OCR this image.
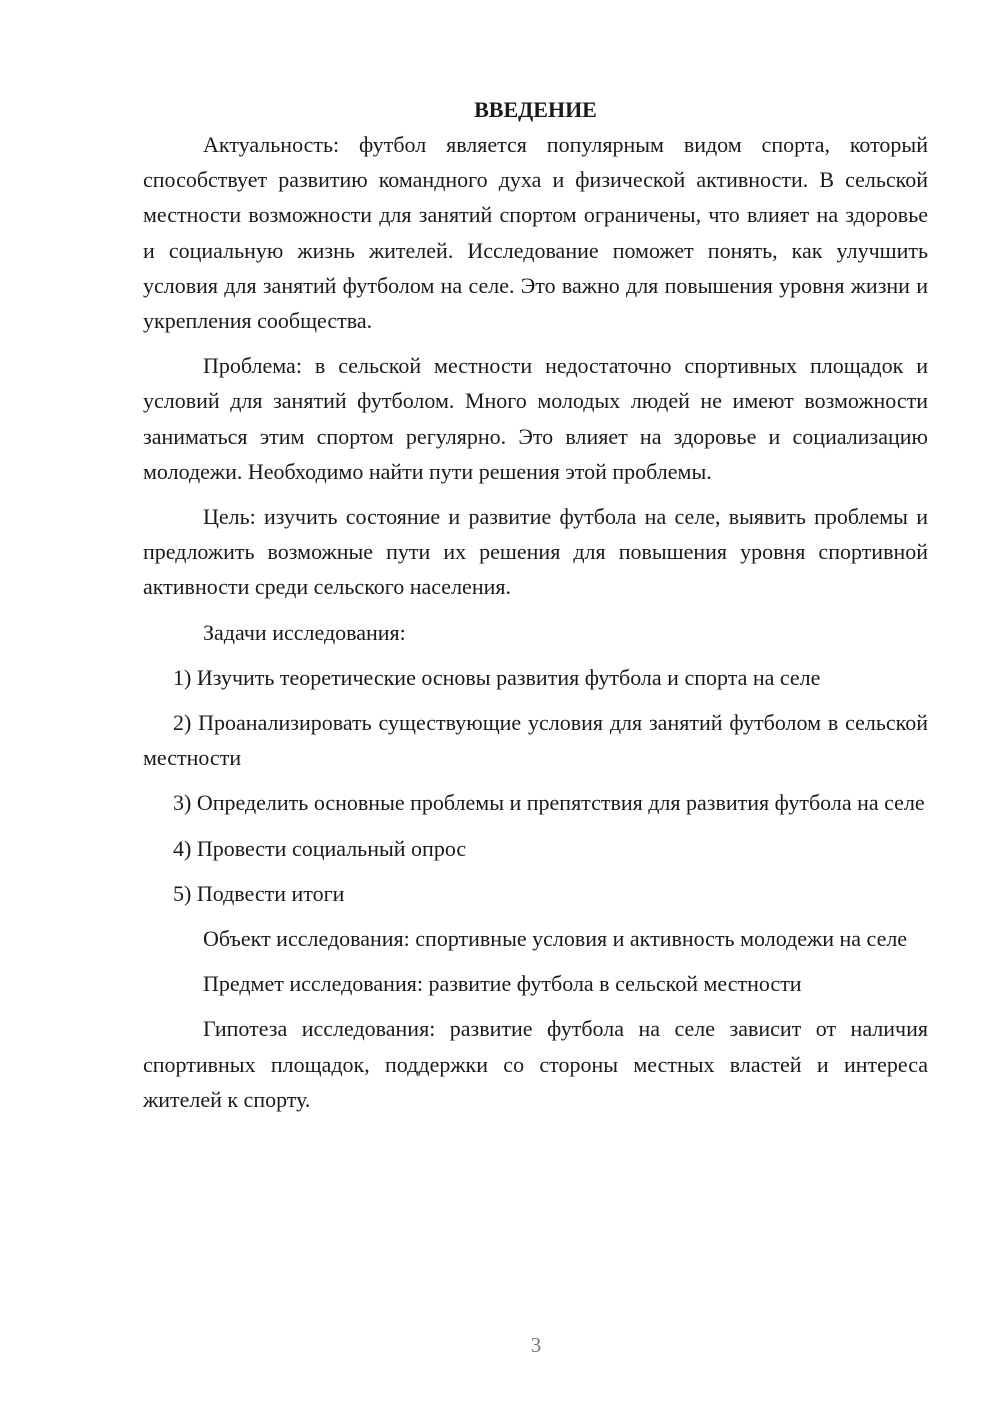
ВВЕДЕНИЕ

Актуальность: футбол является популярным видом спорта, который способствует развитию командного духа и физической активности. В сельской местности возможности для занятий спортом ограничены, что влияет на здоровье и социальную жизнь жителей. Исследование поможет понять, как улучшить условия для занятий футболом на селе. Это важно для повышения уровня жизни и укрепления сообщества.

Проблема: в сельской местности недостаточно спортивных площадок и условий для занятий футболом. Много молодых людей не имеют возможности заниматься этим спортом регулярно. Это влияет на здоровье и социализацию молодежи. Необходимо найти пути решения этой проблемы.

Цель: изучить состояние и развитие футбола на селе, выявить проблемы и предложить возможные пути их решения для повышения уровня спортивной активности среди сельского населения.

Задачи исследования:

1) Изучить теоретические основы развития футбола и спорта на селе

2) Проанализировать существующие условия для занятий футболом в сельской местности

3) Определить основные проблемы и препятствия для развития футбола на селе

4) Провести социальный опрос

5) Подвести итоги

Объект исследования: спортивные условия и активность молодежи на селе

Предмет исследования: развитие футбола в сельской местности

Гипотеза исследования: развитие футбола на селе зависит от наличия спортивных площадок, поддержки со стороны местных властей и интереса жителей к спорту.

3
